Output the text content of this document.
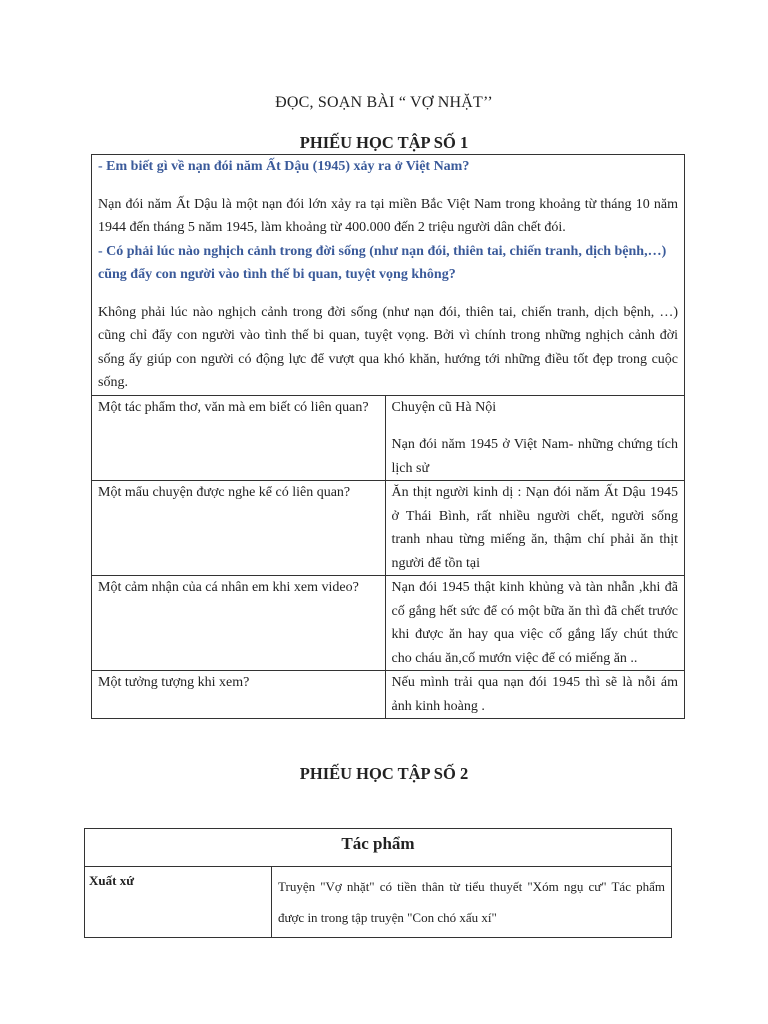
ĐỌC, SOẠN BÀI “ VỢ NHẶT’’
PHIẾU HỌC TẬP SỐ 1
- Em biết gì về nạn đói năm Ất Dậu (1945) xảy ra ở Việt Nam?
Nạn đói năm Ất Dậu là một nạn đói lớn xảy ra tại miền Bắc Việt Nam trong khoảng từ tháng 10 năm 1944 đến tháng 5 năm 1945, làm khoảng từ 400.000 đến 2 triệu người dân chết đói.
- Có phải lúc nào nghịch cảnh trong đời sống (như nạn đói, thiên tai, chiến tranh, dịch bệnh,…) cũng đẩy con người vào tình thế bi quan, tuyệt vọng không?
Không phải lúc nào nghịch cảnh trong đời sống (như nạn đói, thiên tai, chiến tranh, dịch bệnh, …) cũng chỉ đẩy con người vào tình thế bi quan, tuyệt vọng. Bởi vì chính trong những nghịch cảnh đời sống ấy giúp con người có động lực để vượt qua khó khăn, hướng tới những điều tốt đẹp trong cuộc sống.	

Một tác phẩm thơ, văn mà em biết có liên quan?	Chuyện cũ Hà Nội
Nạn đói năm 1945 ở Việt Nam- những chứng tích lịch sử

Một mẩu chuyện được nghe kể có liên quan?	Ăn thịt người kinh dị : Nạn đói năm Ất Dậu 1945 ở Thái Bình, rất nhiều người chết, người sống tranh nhau từng miếng ăn, thậm chí phải ăn thịt người để tồn tại
Một cảm nhận của cá nhân em khi xem video?	Nạn đói 1945 thật kinh khủng và tàn nhẫn ,khi đã cố gắng hết sức để có một bữa ăn thì đã chết trước khi được ăn hay qua việc cố gắng lấy chút thức cho cháu ăn,cố mướn việc để có miếng ăn ..
Một tưởng tượng khi xem?	Nếu mình trải qua nạn đói 1945 thì sẽ là nỗi ám ảnh kinh hoàng .
PHIẾU HỌC TẬP SỐ 2
Tác phẩm
Xuất xứ	Truyện "Vợ nhặt" có tiền thân từ tiểu thuyết "Xóm ngụ cư" Tác phẩm được in trong tập truyện "Con chó xấu xí"
